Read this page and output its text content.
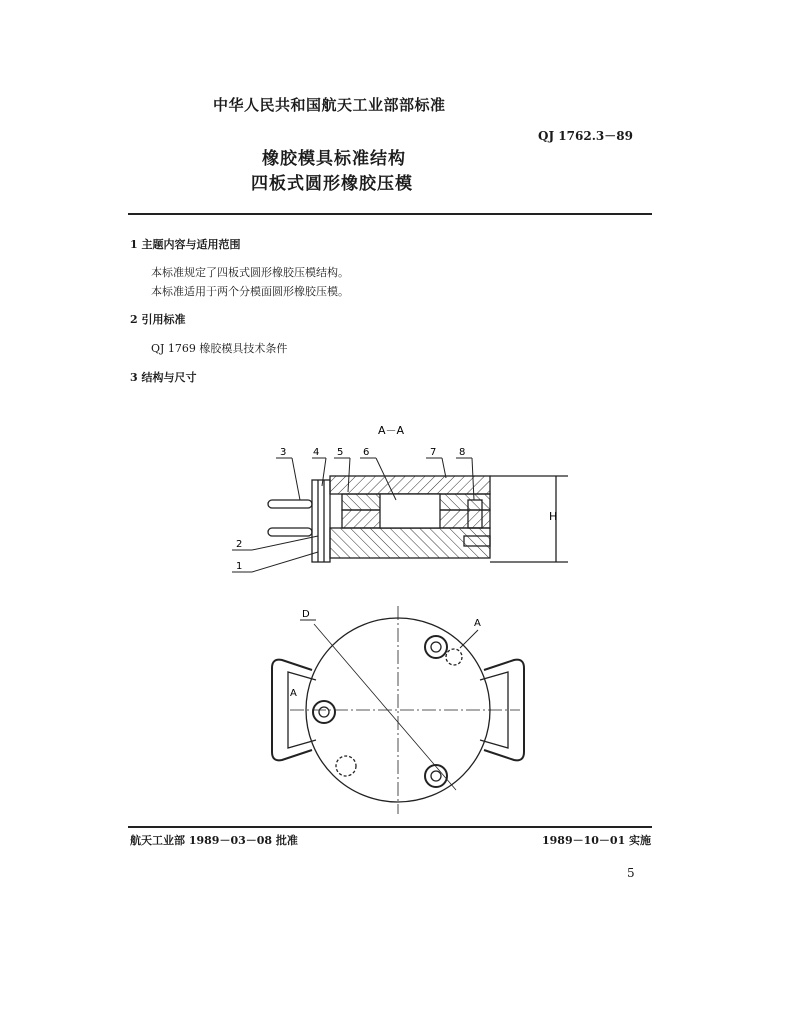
中华人民共和国航天工业部部标准
QJ 1762.3－89
橡胶模具标准结构
四板式圆形橡胶压模
1 主题内容与适用范围
本标准规定了四板式圆形橡胶压模结构。
本标准适用于两个分模面圆形橡胶压模。
2 引用标准
QJ 1769 橡胶模具技术条件
3 结构与尺寸
A－A
H
3	4 5 6	7 8
2
1
D
A
A
航天工业部 1989－03－08 批准	1989－10－01 实施
5
